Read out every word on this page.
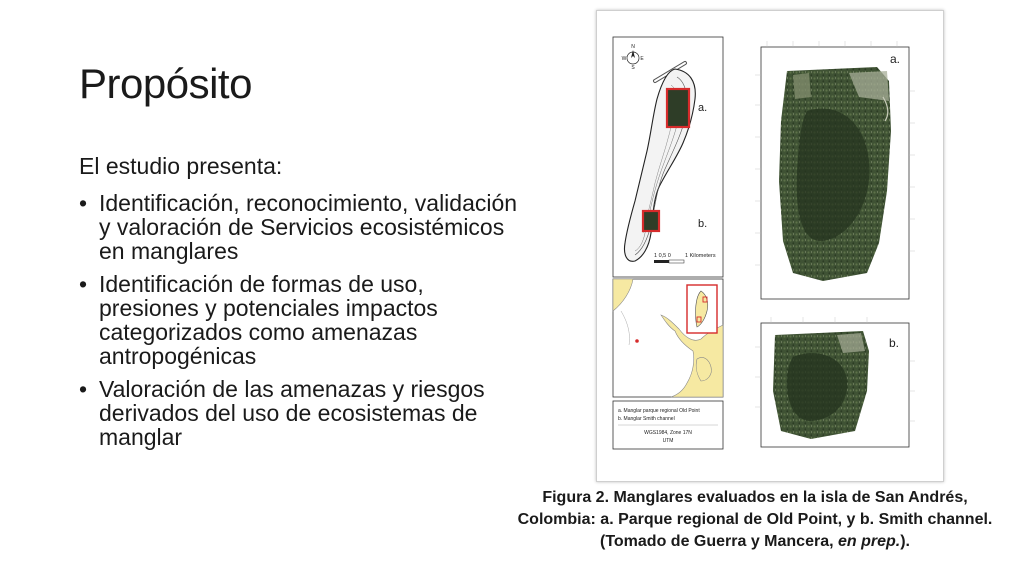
Propósito
El estudio presenta:
• Identificación, reconocimiento, validación y valoración de Servicios ecosistémicos en manglares
• Identificación de formas de uso, presiones y potenciales impactos categorizados como amenazas antropogénicas
• Valoración de las amenazas y riesgos derivados del uso de ecosistemas de manglar
N
S
E
W
a.
b.
1 0,5 0	1 Kilometers
a. Manglar parque regional Old Point
b. Manglar Smith channel
WGS1984, Zone 17N
UTM
a.
b.
Figura 2. Manglares evaluados en la isla de San Andrés, Colombia: a. Parque regional de Old Point, y b. Smith channel. (Tomado de Guerra y Mancera, en prep.).
